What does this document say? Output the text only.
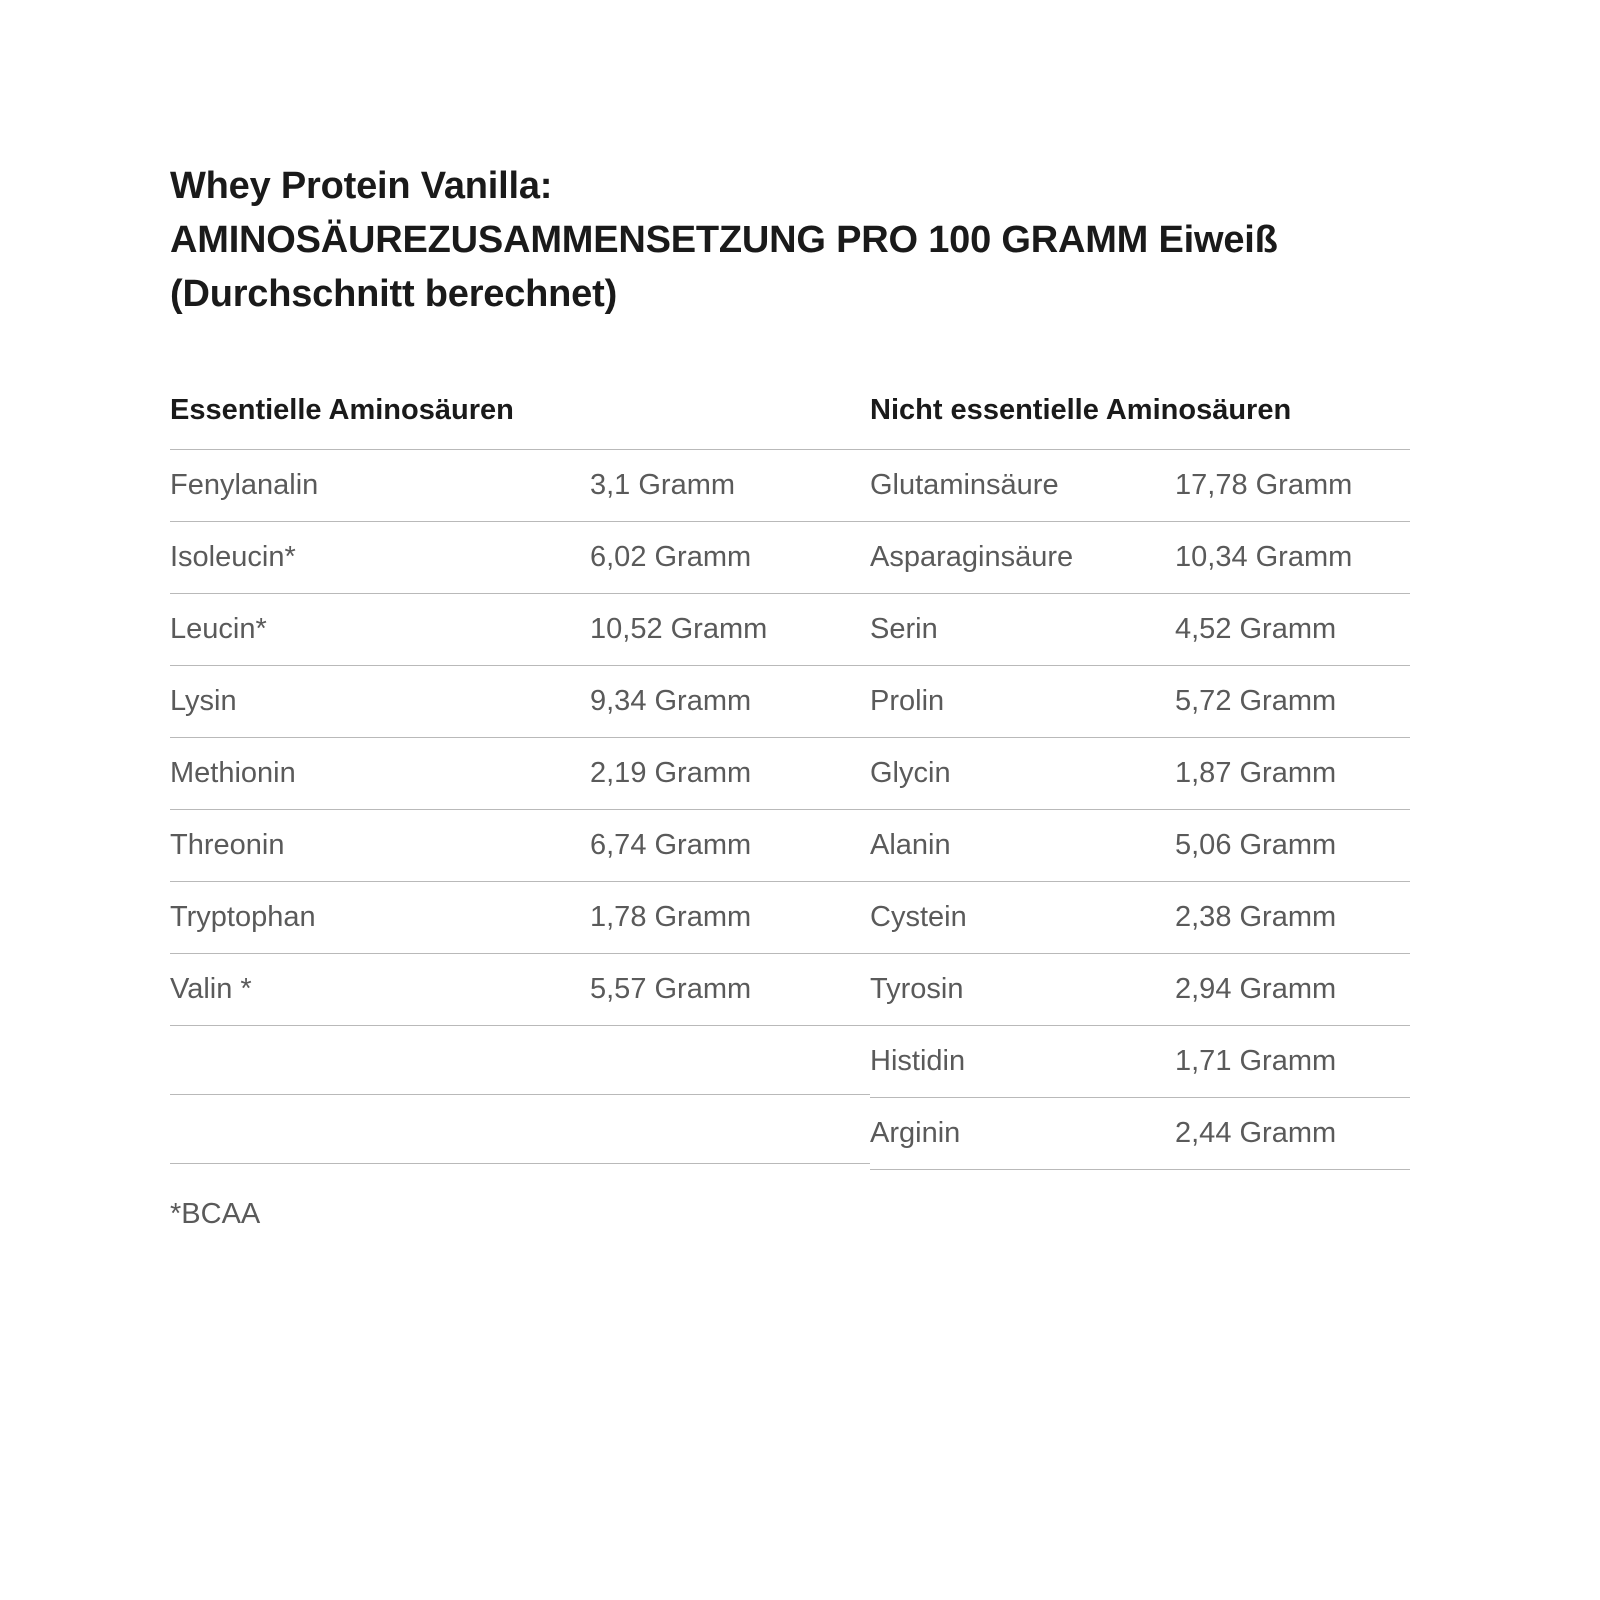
Whey Protein Vanilla:
AMINOSÄUREZUSAMMENSETZUNG PRO 100 GRAMM Eiweiß
(Durchschnitt berechnet)
Essentielle Aminosäuren
Fenylanalin	3,1 Gramm
Isoleucin*	6,02 Gramm
Leucin*	10,52 Gramm
Lysin	9,34 Gramm
Methionin	2,19 Gramm
Threonin	6,74 Gramm
Tryptophan	1,78 Gramm
Valin *	5,57 Gramm

Nicht essentielle Aminosäuren
Glutaminsäure	17,78 Gramm
Asparaginsäure	10,34 Gramm
Serin	4,52 Gramm
Prolin	5,72 Gramm
Glycin	1,87 Gramm
Alanin	5,06 Gramm
Cystein	2,38 Gramm
Tyrosin	2,94 Gramm
Histidin	1,71 Gramm
Arginin	2,44 Gramm
*BCAA
